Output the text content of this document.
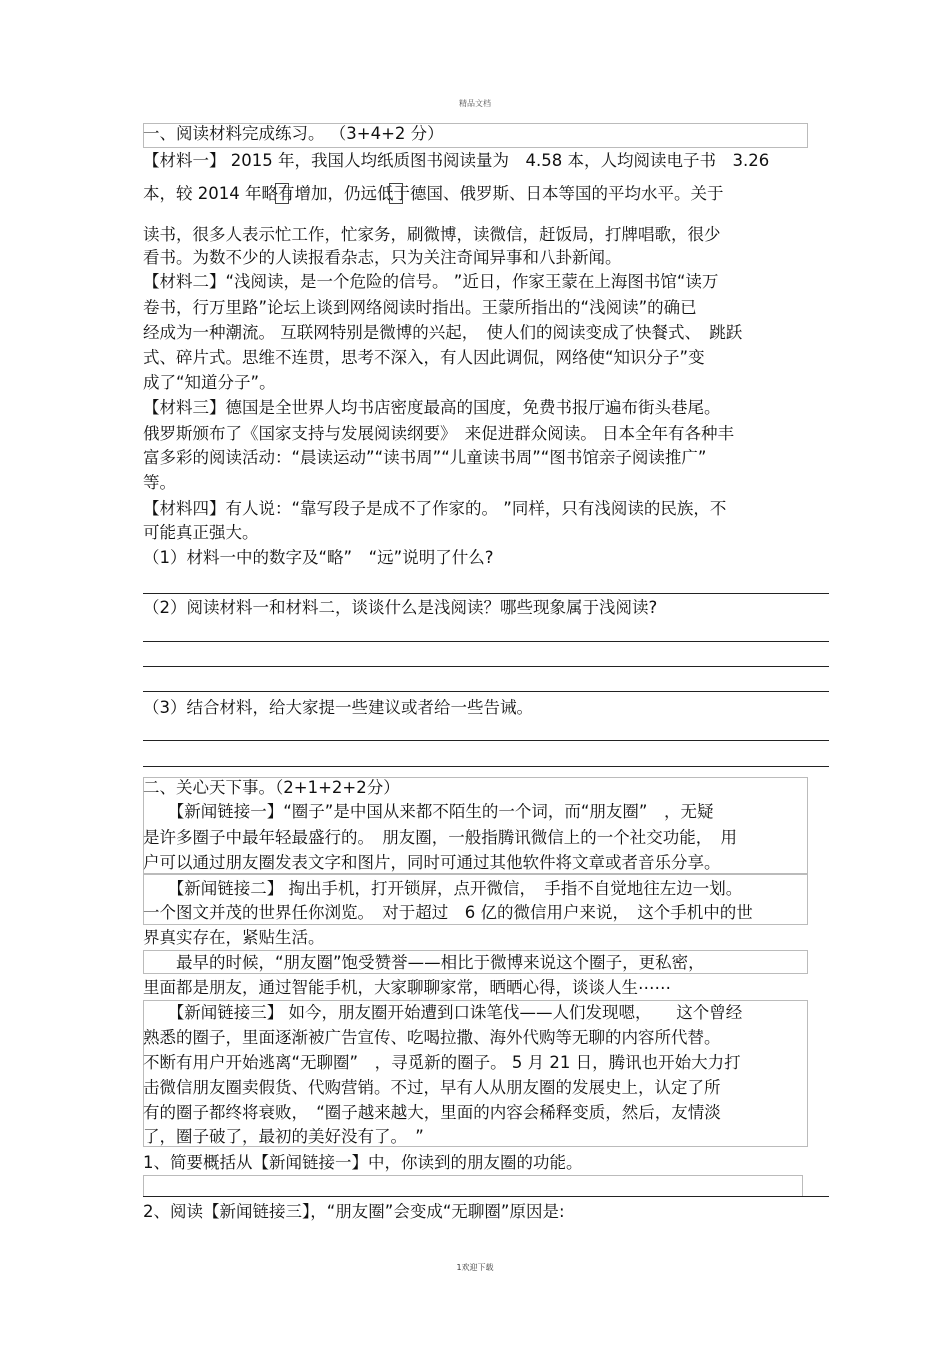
精品文档
一、阅读材料完成练习。 （3+4+2 分）
【材料一】 2015 年，我国人均纸质图书阅读量为　4.58 本，人均阅读电子书　3.26
本，较 2014 年略有增加，仍远低于德国、俄罗斯、日本等国的平均水平。关于
读书，很多人表示忙工作，忙家务，刷微博，读微信，赶饭局，打牌唱歌，很少
看书。为数不少的人读报看杂志，只为关注奇闻异事和八卦新闻。
【材料二】“浅阅读，是一个危险的信号。 ”近日，作家王蒙在上海图书馆“读万
卷书，行万里路”论坛上谈到网络阅读时指出。王蒙所指出的“浅阅读”的确已
经成为一种潮流。 互联网特别是微博的兴起，　使人们的阅读变成了快餐式、　跳跃
式、碎片式。思维不连贯，思考不深入，有人因此调侃，网络使“知识分子”变
成了“知道分子”。
【材料三】德国是全世界人均书店密度最高的国度，免费书报厅遍布街头巷尾。
俄罗斯颁布了《国家支持与发展阅读纲要》　来促进群众阅读。 日本全年有各种丰
富多彩的阅读活动：“晨读运动”“读书周”“儿童读书周”“图书馆亲子阅读推广”
等。
【材料四】有人说：“靠写段子是成不了作家的。 ”同样，只有浅阅读的民族，不
可能真正强大。
（1）材料一中的数字及“略”　“远”说明了什么?
（2）阅读材料一和材料二，谈谈什么是浅阅读？哪些现象属于浅阅读?
（3）结合材料，给大家提一些建议或者给一些告诫。
二、关心天下事。（2+1+2+2分）
　　【新闻链接一】“圈子”是中国从来都不陌生的一个词，而“朋友圈”　，无疑
是许多圈子中最年轻最盛行的。　朋友圈，一般指腾讯微信上的一个社交功能，　用
户可以通过朋友圈发表文字和图片，同时可通过其他软件将文章或者音乐分享。
　　【新闻链接二】 掏出手机，打开锁屏，点开微信，　手指不自觉地往左边一划。
一个图文并茂的世界任你浏览。　对于超过　6 亿的微信用户来说，　这个手机中的世
界真实存在，紧贴生活。
　　最早的时候，“朋友圈”饱受赞誉——相比于微博来说这个圈子，更私密，
里面都是朋友，通过智能手机，大家聊聊家常，晒晒心得，谈谈人生⋯⋯
　　【新闻链接三】 如今，朋友圈开始遭到口诛笔伐——人们发现嗯，　　这个曾经
熟悉的圈子，里面逐渐被广告宣传、吃喝拉撒、海外代购等无聊的内容所代替。
不断有用户开始逃离“无聊圈”　，寻觅新的圈子。 5 月 21 日，腾讯也开始大力打
击微信朋友圈卖假货、代购营销。不过，早有人从朋友圈的发展史上，认定了所
有的圈子都终将衰败，　“圈子越来越大，里面的内容会稀释变质，然后，友情淡
了，圈子破了，最初的美好没有了。　”
1、简要概括从【新闻链接一】中，你读到的朋友圈的功能。
2、阅读【新闻链接三】，“朋友圈”会变成“无聊圈”原因是:
1欢迎下载
